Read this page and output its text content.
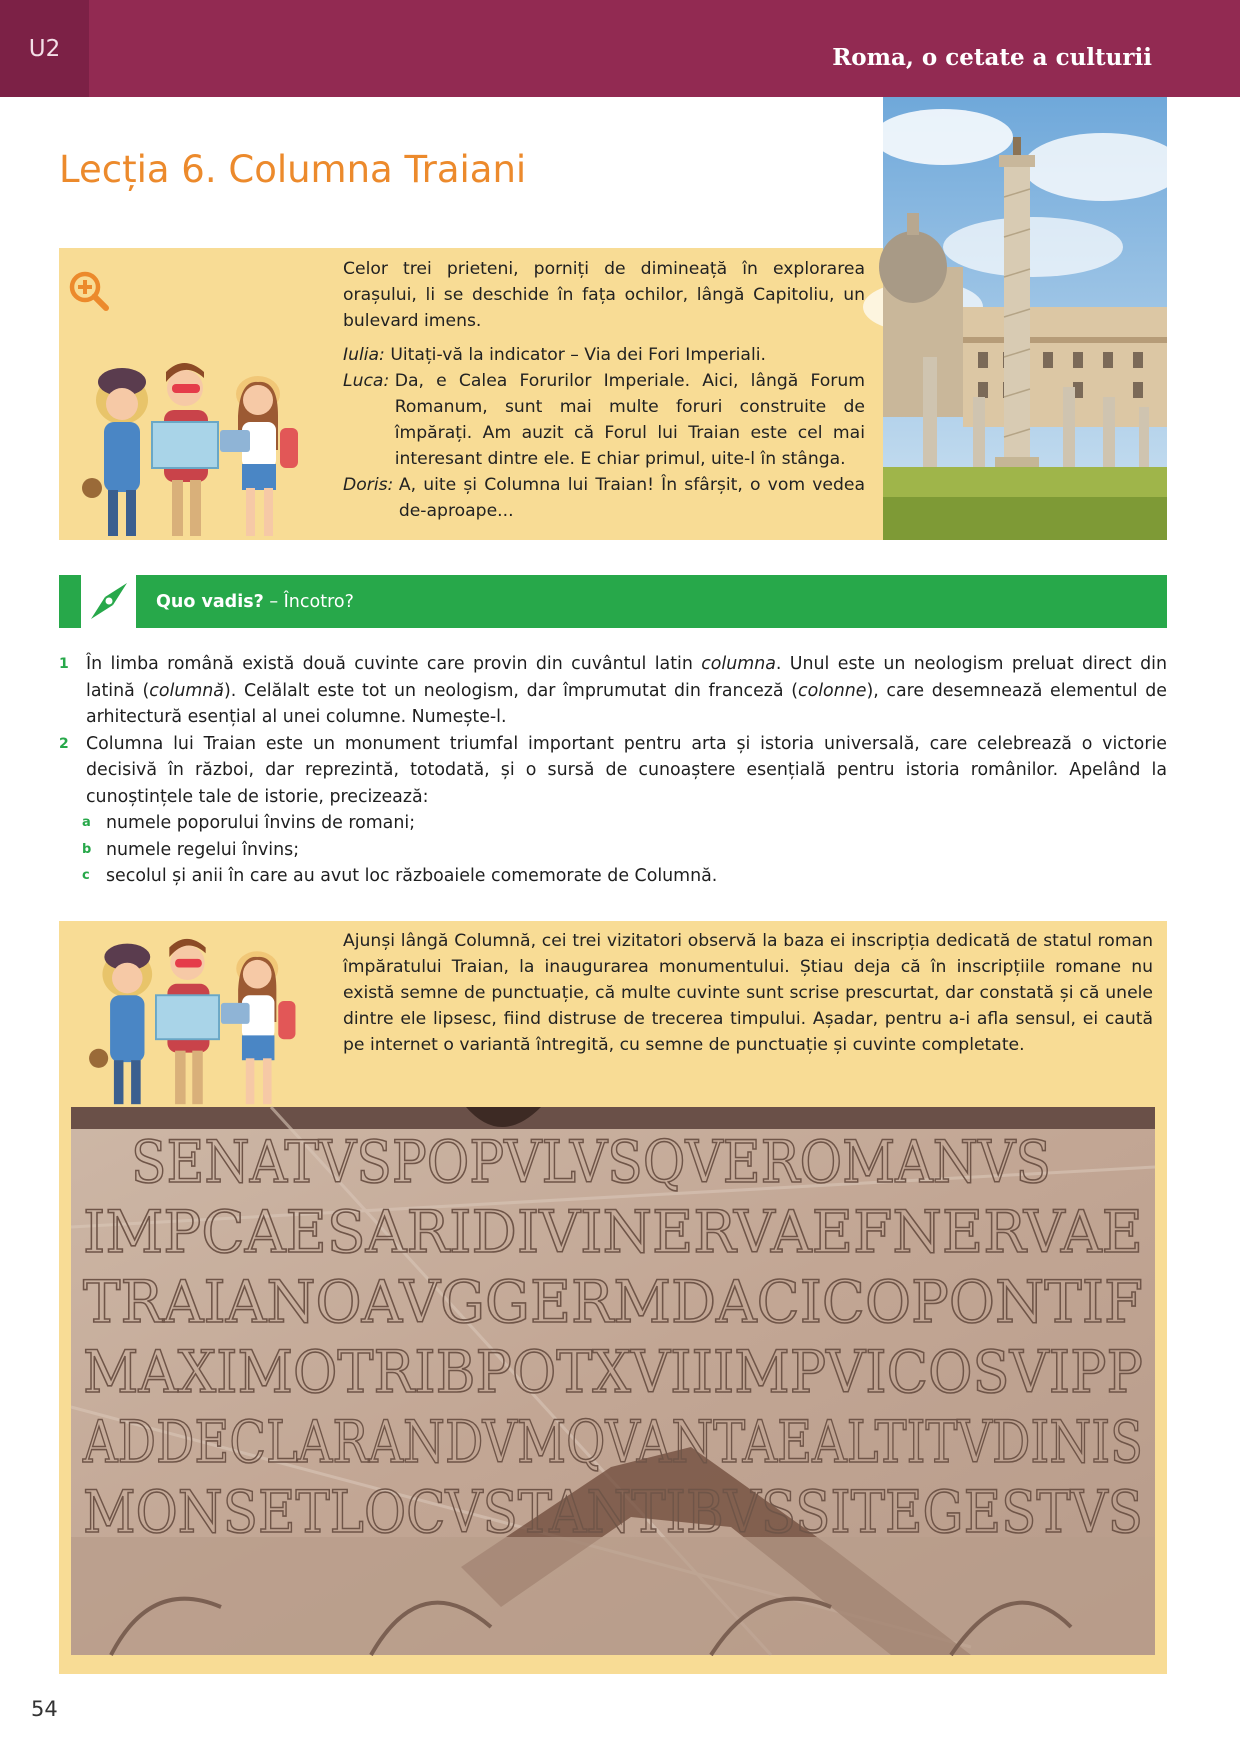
U2	Roma, o cetate a culturii
Lecția 6. Columna Traiani

Celor trei prieteni, porniți de dimineață în explorarea orașului, li se deschide în fața ochilor, lângă Capitoliu, un bulevard imens.

Iulia : Uitați-vă la indicator – Via dei Fori Imperiali.
Luca : Da, e Calea Forurilor Imperiale. Aici, lângă Forum Romanum, sunt mai multe foruri construite de împărați. Am auzit că Forul lui Traian este cel mai interesant dintre ele. E chiar primul, uite-l în stânga.
Doris : A, uite și Columna lui Traian! În sfârșit, o vom vedea de-aproape...
Quo vadis? – Încotro?
1 În limba română există două cuvinte care provin din cuvântul latin columna. Unul este un neologism preluat direct din latină (columnă). Celălalt este tot un neologism, dar împrumutat din franceză (colonne), care desemnează elementul de arhitectură esențial al unei columne. Numește-l.
2 Columna lui Traian este un monument triumfal important pentru arta și istoria universală, care celebrează o victorie decisivă în război, dar reprezintă, totodată, și o sursă de cunoaștere esențială pentru istoria românilor. Apelând la cunoștințele tale de istorie, precizează:
a numele poporului învins de romani;
b numele regelui învins;
c secolul și anii în care au avut loc războaiele comemorate de Columnă.
Ajunși lângă Columnă, cei trei vizitatori observă la baza ei inscripția dedicată de statul roman împăratului Traian, la inaugurarea monumentului. Știau deja că în inscripțiile romane nu există semne de punctuație, că multe cuvinte sunt scrise prescurtat, dar constată și că unele dintre ele lipsesc, fiind distruse de trecerea timpului. Așadar, pentru a-i afla sensul, ei caută pe internet o variantă întregită, cu semne de punctuație și cuvinte completate.
SENATVSPOPVLVSQVEROMANVS
IMPCAESARIDIVINERVAEFNERVAE
TRAIANOAVGGERMDACICOPONTIF
MAXIMOTRIBPOTXVIIIMPVICOSVIPP
ADDECLARANDVMQVANTAEALTITVDINIS
MONSETLOCVSTANTIBVSSITEGESTVS
54
